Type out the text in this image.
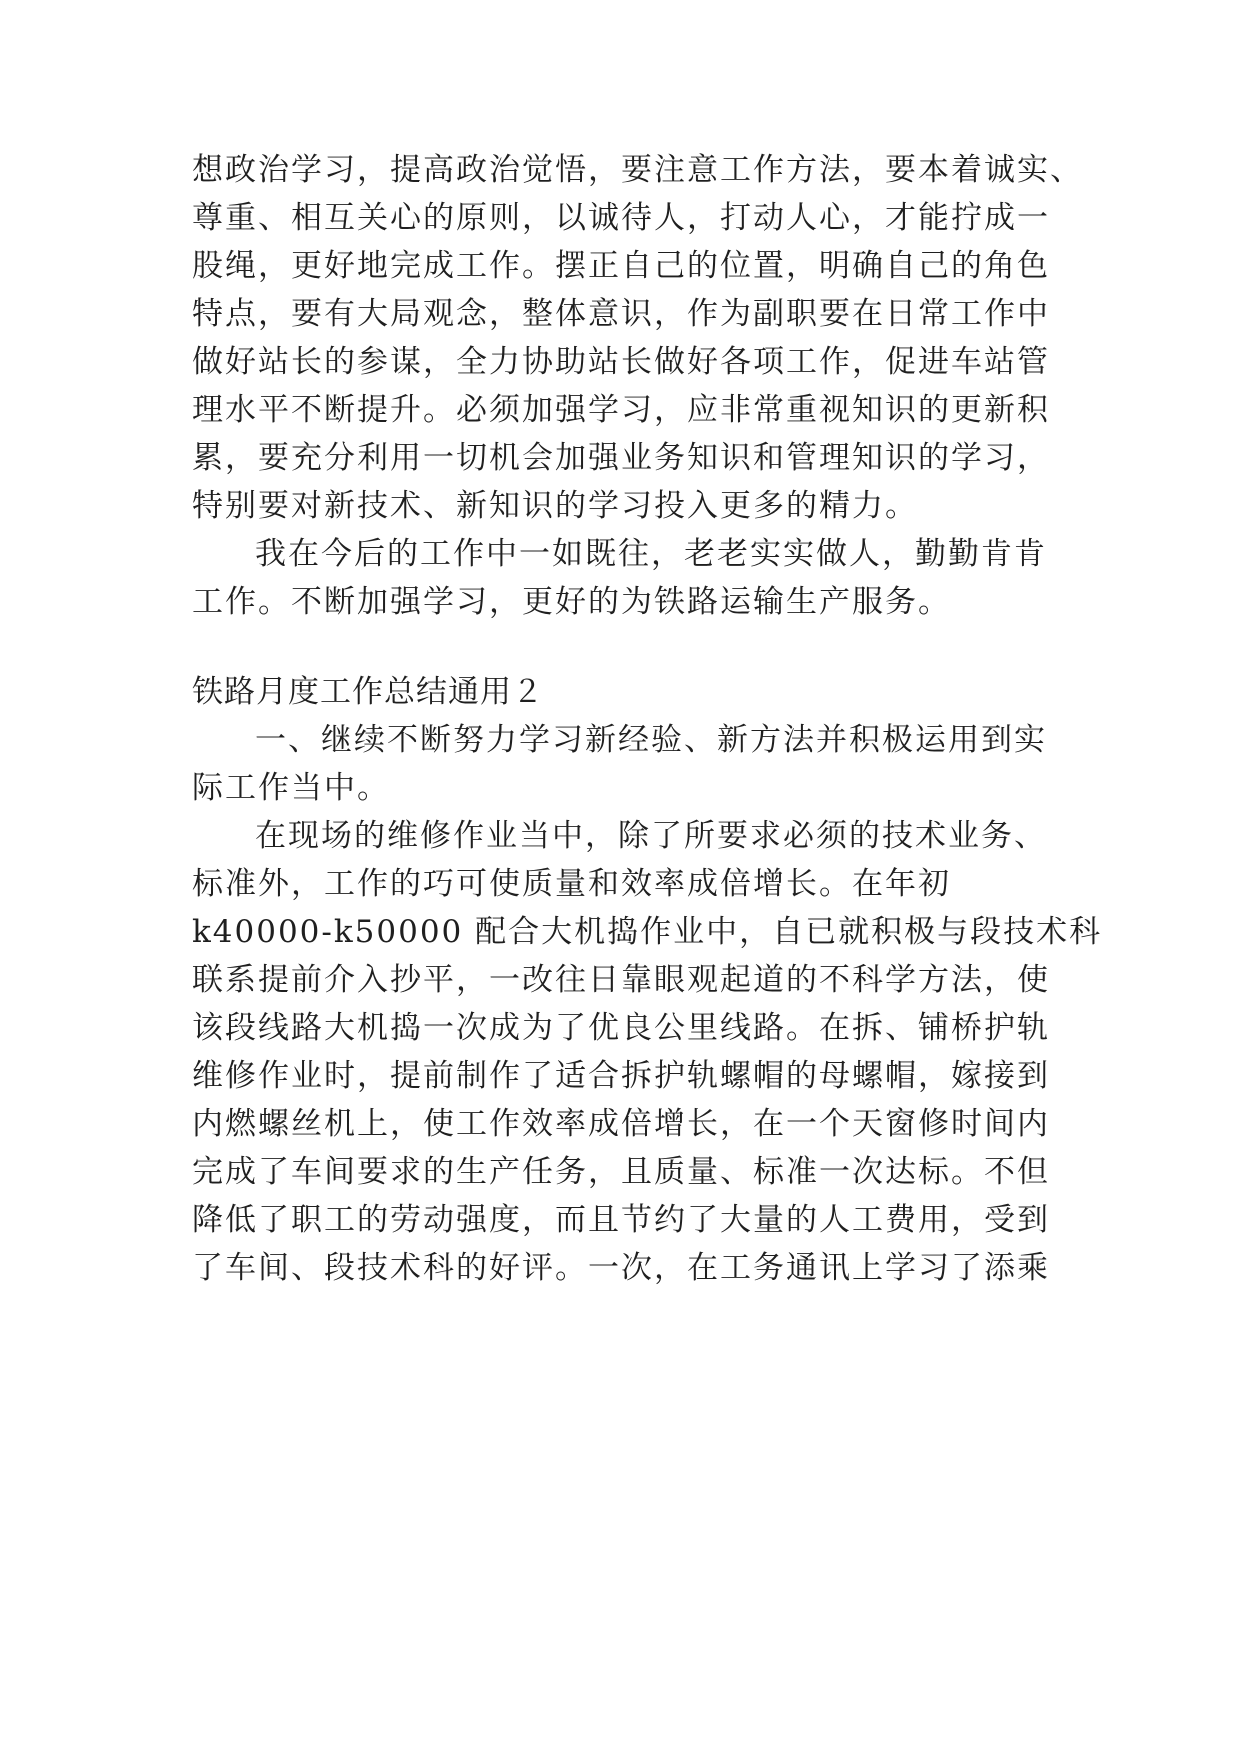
想政治学习，提高政治觉悟，要注意工作方法，要本着诚实、
尊重、相互关心的原则，以诚待人，打动人心，才能拧成一
股绳，更好地完成工作。摆正自己的位置，明确自己的角色
特点，要有大局观念，整体意识，作为副职要在日常工作中
做好站长的参谋，全力协助站长做好各项工作，促进车站管
理水平不断提升。必须加强学习，应非常重视知识的更新积
累，要充分利用一切机会加强业务知识和管理知识的学习，
特别要对新技术、新知识的学习投入更多的精力。
我在今后的工作中一如既往，老老实实做人，勤勤肯肯
工作。不断加强学习，更好的为铁路运输生产服务。
铁路月度工作总结通用２
一、继续不断努力学习新经验、新方法并积极运用到实
际工作当中。
在现场的维修作业当中，除了所要求必须的技术业务、
标准外，工作的巧可使质量和效率成倍增长。在年初
k40000-k50000 配合大机捣作业中，自已就积极与段技术科
联系提前介入抄平，一改往日靠眼观起道的不科学方法，使
该段线路大机捣一次成为了优良公里线路。在拆、铺桥护轨
维修作业时，提前制作了适合拆护轨螺帽的母螺帽，嫁接到
内燃螺丝机上，使工作效率成倍增长，在一个天窗修时间内
完成了车间要求的生产任务，且质量、标准一次达标。不但
降低了职工的劳动强度，而且节约了大量的人工费用，受到
了车间、段技术科的好评。一次，在工务通讯上学习了添乘
